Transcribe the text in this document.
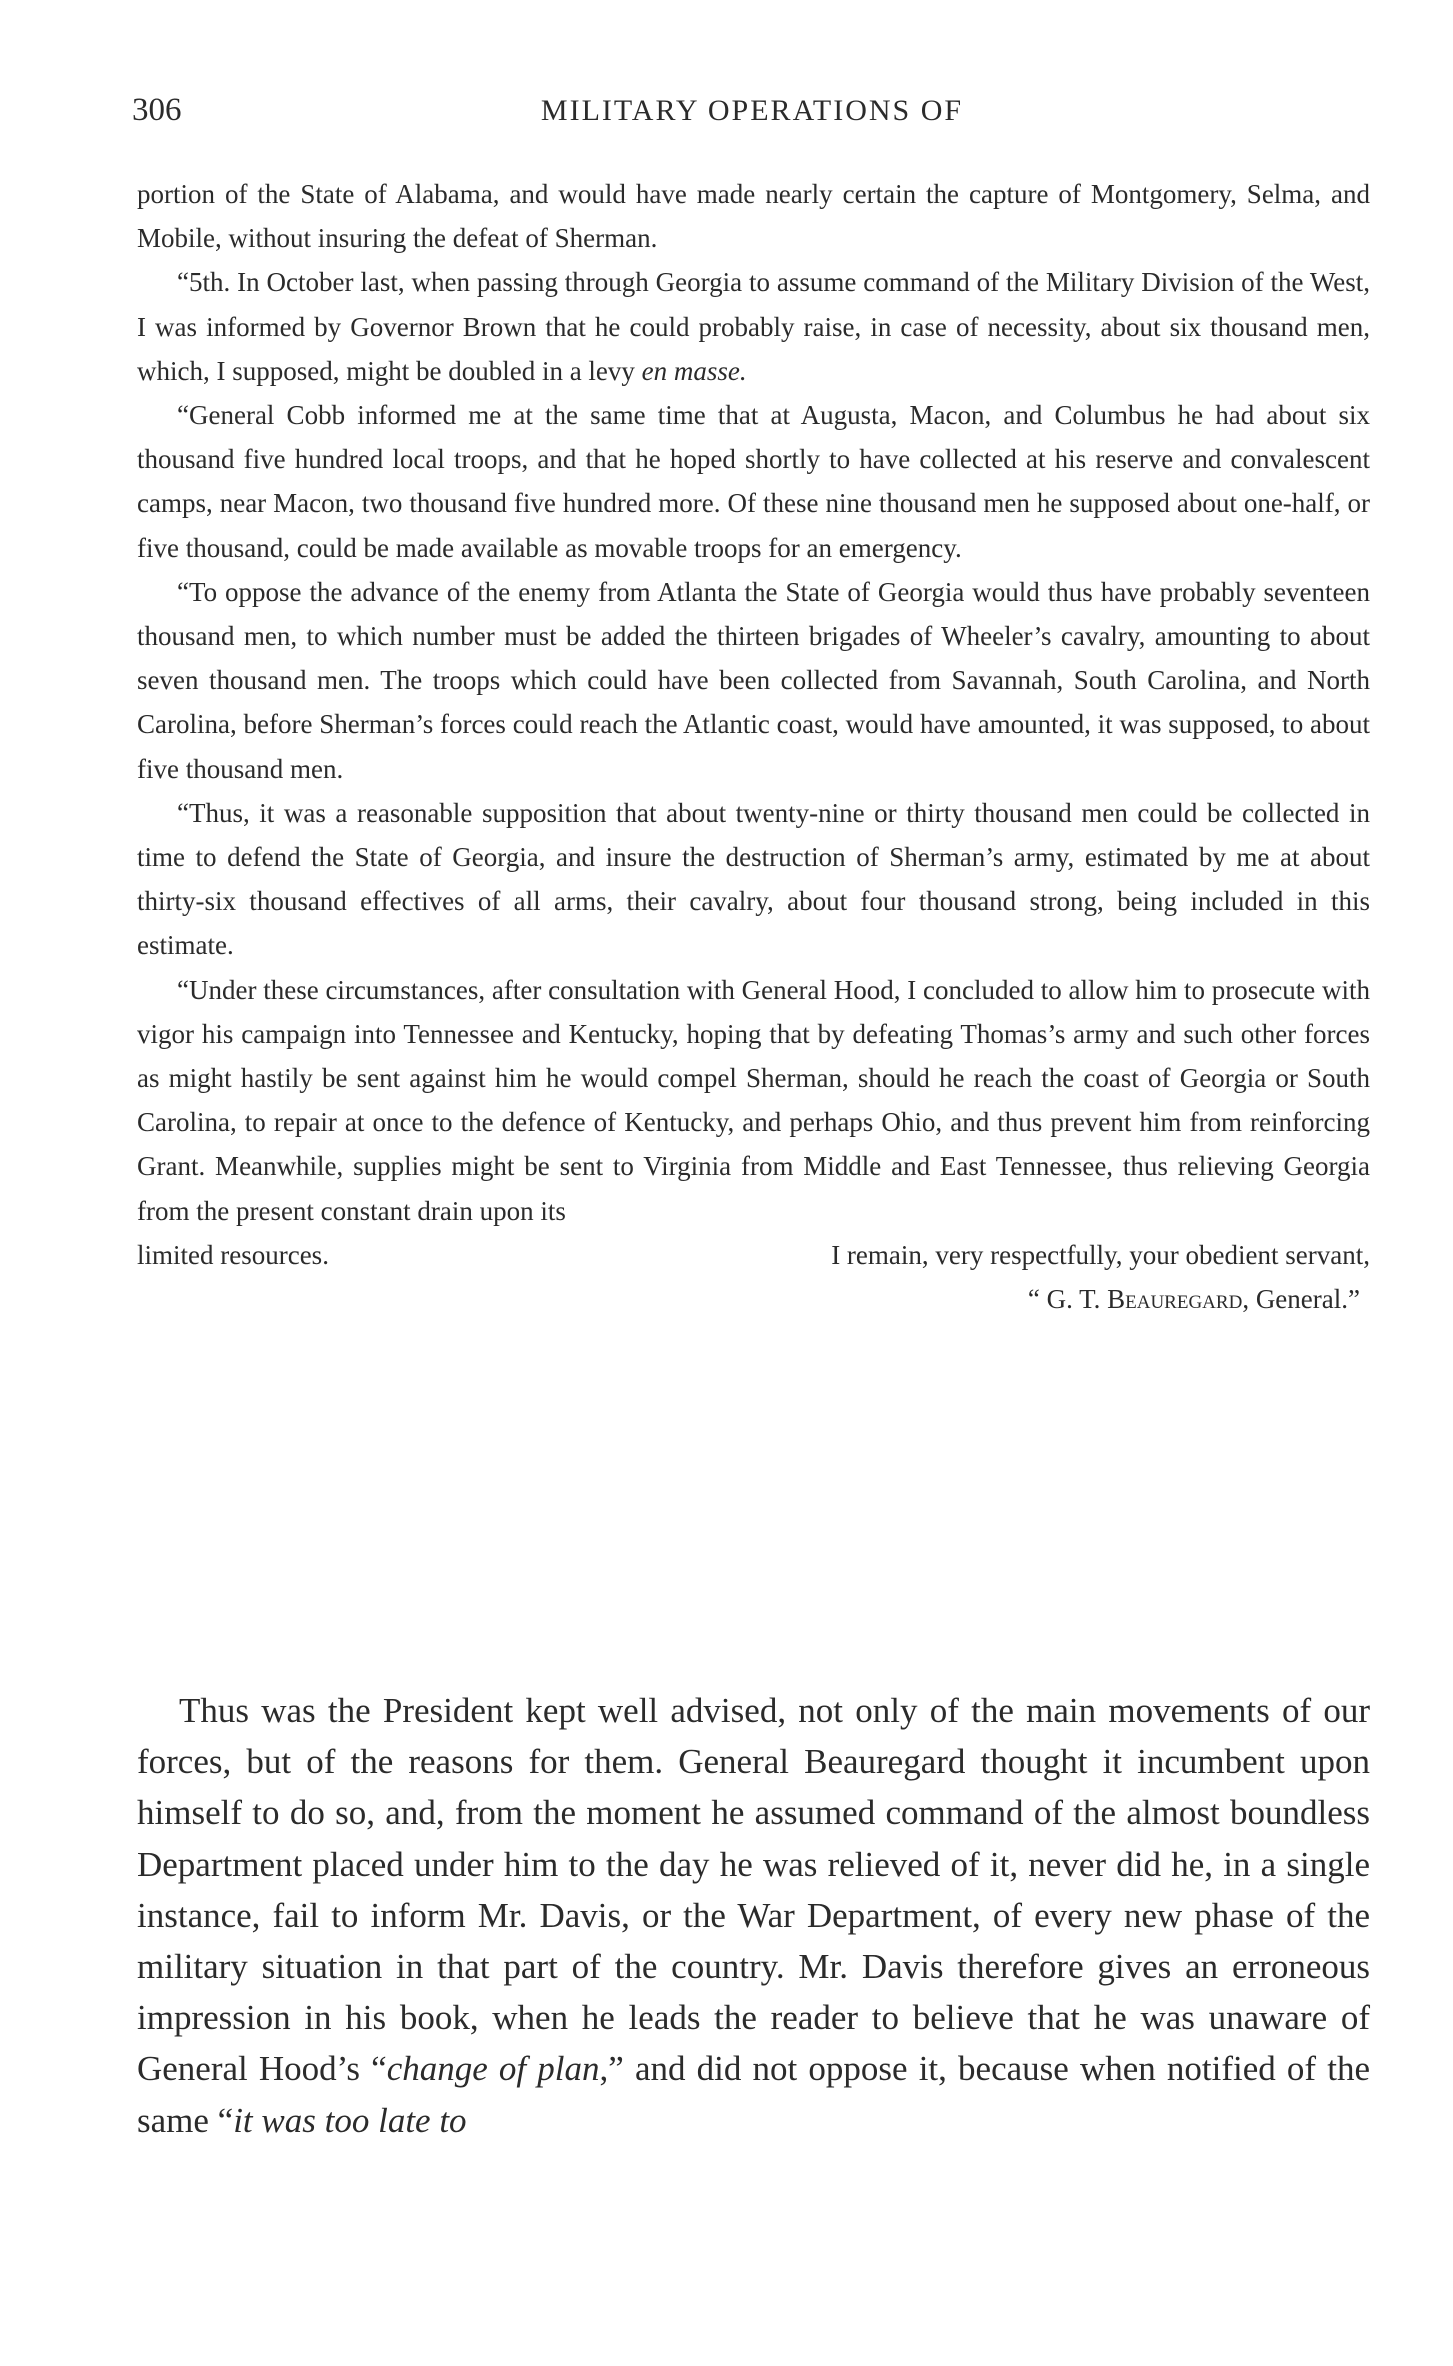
306	MILITARY OPERATIONS OF

portion of the State of Alabama, and would have made nearly certain the capture of Montgomery, Selma, and Mobile, without insuring the defeat of Sherman.

“5th. In October last, when passing through Georgia to assume command of the Military Division of the West, I was informed by Governor Brown that he could probably raise, in case of necessity, about six thousand men, which, I supposed, might be doubled in a levy en masse.

“General Cobb informed me at the same time that at Augusta, Macon, and Columbus he had about six thousand five hundred local troops, and that he hoped shortly to have collected at his reserve and convalescent camps, near Macon, two thousand five hundred more. Of these nine thousand men he supposed about one-half, or five thousand, could be made available as movable troops for an emergency.

“To oppose the advance of the enemy from Atlanta the State of Georgia would thus have probably seventeen thousand men, to which number must be added the thirteen brigades of Wheeler’s cavalry, amounting to about seven thousand men. The troops which could have been collected from Savannah, South Carolina, and North Carolina, before Sherman’s forces could reach the Atlantic coast, would have amounted, it was supposed, to about five thousand men.

“Thus, it was a reasonable supposition that about twenty-nine or thirty thousand men could be collected in time to defend the State of Georgia, and insure the destruction of Sherman’s army, estimated by me at about thirty-six thousand effectives of all arms, their cavalry, about four thousand strong, being included in this estimate.

“Under these circumstances, after consultation with General Hood, I concluded to allow him to prosecute with vigor his campaign into Tennessee and Kentucky, hoping that by defeating Thomas’s army and such other forces as might hastily be sent against him he would compel Sherman, should he reach the coast of Georgia or South Carolina, to repair at once to the defence of Kentucky, and perhaps Ohio, and thus prevent him from reinforcing Grant. Meanwhile, supplies might be sent to Virginia from Middle and East Tennessee, thus relieving Georgia from the present constant drain upon its

limited resources.	I remain, very respectfully, your obedient servant,
“ G. T. Beauregard, General.”

Thus was the President kept well advised, not only of the main movements of our forces, but of the reasons for them. General Beauregard thought it incumbent upon himself to do so, and, from the moment he assumed command of the almost boundless Department placed under him to the day he was relieved of it, never did he, in a single instance, fail to inform Mr. Davis, or the War Department, of every new phase of the military situation in that part of the country. Mr. Davis therefore gives an erroneous impression in his book, when he leads the reader to believe that he was unaware of General Hood’s “change of plan,” and did not oppose it, because when notified of the same “it was too late to
